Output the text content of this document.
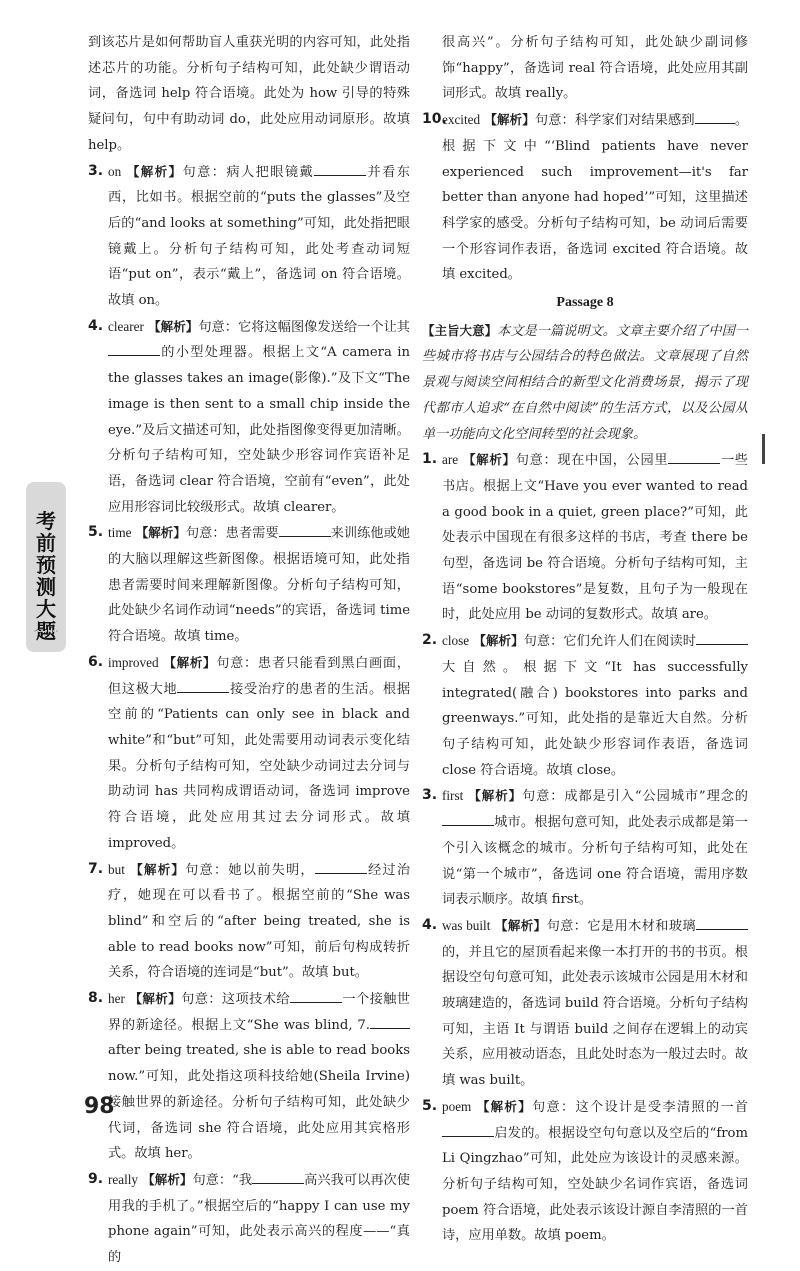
到该芯片是如何帮助盲人重获光明的内容可知，此处指述芯片的功能。分析句子结构可知，此处缺少谓语动词，备选词 help 符合语境。此处为 how 引导的特殊疑问句，句中有助动词 do，此处应用动词原形。故填 help。
3. on 【解析】句意：病人把眼镜戴	并看东西，比如书。根据空前的“puts the glasses”及空后的“and looks at something”可知，此处指把眼镜戴上。分析句子结构可知，此处考查动词短语“put on”，表示“戴上”，备选词 on 符合语境。故填 on。
4. clearer 【解析】句意：它将这幅图像发送给一个让其的小型处理器。根据上文“A camera in the glasses takes an image(影像).”及下文“The image is then sent to a small chip inside the eye.”及后文描述可知，此处指图像变得更加清晰。分析句子结构可知，空处缺少形容词作宾语补足语，备选词 clear 符合语境，空前有“even”，此处应用形容词比较级形式。故填 clearer。
5. time 【解析】句意：患者需要	来训练他或她的大脑以理解这些新图像。根据语境可知，此处指患者需要时间来理解新图像。分析句子结构可知，此处缺少名词作动词“needs”的宾语，备选词 time 符合语境。故填 time。
6. improved 【解析】句意：患者只能看到黑白画面，但这极大地	接受治疗的患者的生活。根据空前的“Patients can only see in black and white”和“but”可知，此处需要用动词表示变化结果。分析句子结构可知，空处缺少动词过去分词与助动词 has 共同构成谓语动词，备选词 improve 符合语境，此处应用其过去分词形式。故填 improved。
7. but 【解析】句意：她以前失明，	经过治疗，她现在可以看书了。根据空前的“She was blind”和空后的“after being treated, she is able to read books now”可知，前后句构成转折关系，符合语境的连词是“but”。故填 but。
8. her 【解析】句意：这项技术给	一个接触世界的新途径。根据上文“She was blind, 7.after being treated, she is able to read books now.”可知，此处指这项科技给她(Sheila Irvine)接触世界的新途径。分析句子结构可知，此处缺少代词，备选词 she 符合语境，此处应用其宾格形式。故填 her。
9. really 【解析】句意：“我	高兴我可以再次使用我的手机了。”根据空后的“happy I can use my phone again”可知，此处表示高兴的程度——“真的
很高兴”。分析句子结构可知，此处缺少副词修饰“happy”，备选词 real 符合语境，此处应用其副词形式。故填 really。
10.
excited 【解析】句意：科学家们对结果感到	。根据下文中“‘Blind patients have never experienced such improvement—it's far better than anyone had hoped’”可知，这里描述科学家的感受。分析句子结构可知，be 动词后需要一个形容词作表语，备选词 excited 符合语境。故填 excited。
Passage 8
【主旨大意】本文是一篇说明文。文章主要介绍了中国一些城市将书店与公园结合的特色做法。文章展现了自然景观与阅读空间相结合的新型文化消费场景，揭示了现代都市人追求“在自然中阅读”的生活方式，以及公园从单一功能向文化空间转型的社会现象。
1. are 【解析】句意：现在中国，公园里	一些书店。根据上文“Have you ever wanted to read a good book in a quiet, green place?”可知，此处表示中国现在有很多这样的书店，考查 there be 句型，备选词 be 符合语境。分析句子结构可知，主语“some bookstores”是复数，且句子为一般现在时，此处应用 be 动词的复数形式。故填 are。
2. close 【解析】句意：它们允许人们在阅读时大自然。根据下文“It has successfully integrated(融合) bookstores into parks and greenways.”可知，此处指的是靠近大自然。分析句子结构可知，此处缺少形容词作表语，备选词 close 符合语境。故填 close。
3. first 【解析】句意：成都是引入“公园城市”理念的城市。根据句意可知，此处表示成都是第一个引入该概念的城市。分析句子结构可知，此处在说“第一个城市”，备选词 one 符合语境，需用序数词表示顺序。故填 first。
4. was built 【解析】句意：它是用木材和玻璃的，并且它的屋顶看起来像一本打开的书的书页。根据设空句句意可知，此处表示该城市公园是用木材和玻璃建造的，备选词 build 符合语境。分析句子结构可知，主语 It 与谓语 build 之间存在逻辑上的动宾关系，应用被动语态，且此处时态为一般过去时。故填 was built。
5. poem 【解析】句意：这个设计是受李清照的一首启发的。根据设空句句意以及空后的“from Li Qingzhao”可知，此处应为该设计的灵感来源。分析句子结构可知，空处缺少名词作宾语，备选词 poem 符合语境，此处表示该设计源自李清照的一首诗，应用单数。故填 poem。
考
前
预
测
大
题
98
